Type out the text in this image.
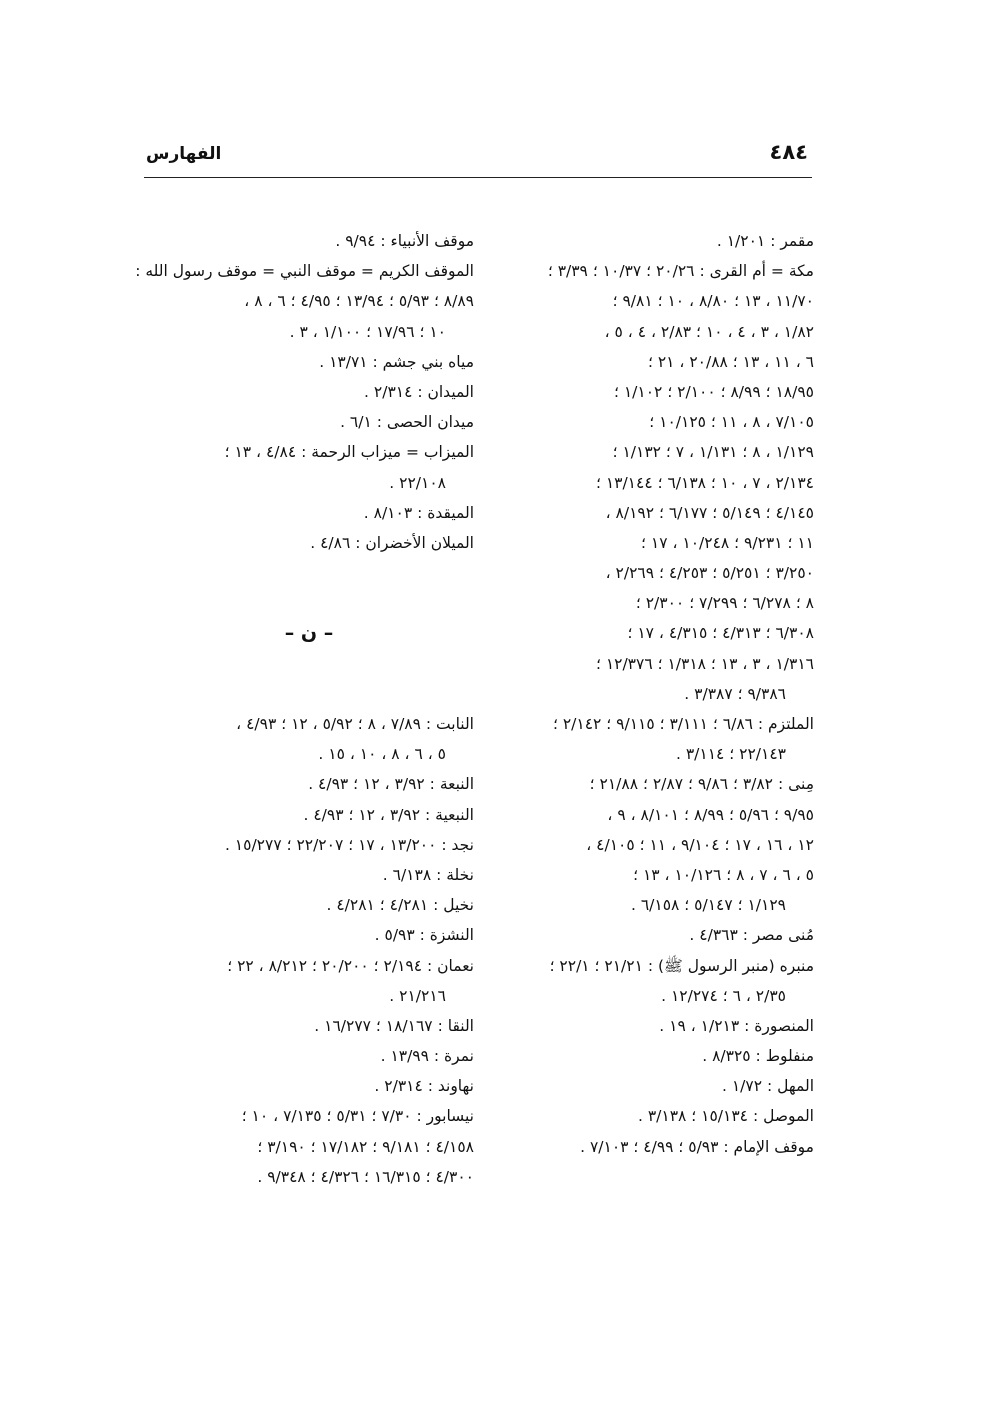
الفهارس	٤٨٤
مقمر : ١/٢٠١ .
مكة = أم القرى : ٢٠/٢٦ ؛ ١٠/٣٧ ؛ ٣/٣٩ ؛
١١/٧٠ ، ١٣ ؛ ٨/٨٠ ، ١٠ ؛ ٩/٨١ ؛
١/٨٢ ، ٣ ، ٤ ، ١٠ ؛ ٢/٨٣ ، ٤ ، ٥ ،
٦ ، ١١ ، ١٣ ؛ ٢٠/٨٨ ، ٢١ ؛
١٨/٩٥ ؛ ٨/٩٩ ؛ ٢/١٠٠ ؛ ١/١٠٢ ؛
٧/١٠٥ ، ٨ ، ١١ ؛ ١٠/١٢٥ ؛
١/١٢٩ ، ٨ ؛ ١/١٣١ ، ٧ ؛ ١/١٣٢ ؛
٢/١٣٤ ، ٧ ، ١٠ ؛ ٦/١٣٨ ؛ ١٣/١٤٤ ؛
٤/١٤٥ ؛ ٥/١٤٩ ؛ ٦/١٧٧ ؛ ٨/١٩٢ ،
١١ ؛ ٩/٢٣١ ؛ ١٠/٢٤٨ ، ١٧ ؛
٣/٢٥٠ ؛ ٥/٢٥١ ؛ ٤/٢٥٣ ؛ ٢/٢٦٩ ،
٨ ؛ ٦/٢٧٨ ؛ ٧/٢٩٩ ؛ ٢/٣٠٠ ؛
٦/٣٠٨ ؛ ٤/٣١٣ ؛ ٤/٣١٥ ، ١٧ ؛
١/٣١٦ ، ٣ ، ١٣ ؛ ١/٣١٨ ؛ ١٢/٣٧٦ ؛
٩/٣٨٦ ؛ ٣/٣٨٧ .
الملتزم : ٦/٨٦ ؛ ٣/١١١ ؛ ٩/١١٥ ؛ ٢/١٤٢ ؛
٢٢/١٤٣ ؛ ٣/١١٤ .
مِنى : ٣/٨٢ ؛ ٩/٨٦ ؛ ٢/٨٧ ؛ ٢١/٨٨ ؛
٩/٩٥ ؛ ٥/٩٦ ؛ ٨/٩٩ ؛ ٨/١٠١ ، ٩ ،
١٢ ، ١٦ ، ١٧ ؛ ٩/١٠٤ ، ١١ ؛ ٤/١٠٥ ،
٥ ، ٦ ، ٧ ، ٨ ؛ ١٠/١٢٦ ، ١٣ ؛
١/١٢٩ ؛ ٥/١٤٧ ؛ ٦/١٥٨ .
مُنى مصر : ٤/٣٦٣ .
منبره (منبر الرسول ﷺ) : ٢١/٢١ ؛ ٢٢/١ ؛
٢/٣٥ ، ٦ ؛ ١٢/٢٧٤ .
المنصورة : ١/٢١٣ ، ١٩ .
منفلوط : ٨/٣٢٥ .
المهل : ١/٧٢ .
الموصل : ١٥/١٣٤ ؛ ٣/١٣٨ .
موقف الإمام : ٥/٩٣ ؛ ٤/٩٩ ؛ ٧/١٠٣ .
موقف الأنبياء : ٩/٩٤ .
الموقف الكريم = موقف النبي = موقف رسول الله :
٨/٨٩ ؛ ٥/٩٣ ؛ ١٣/٩٤ ؛ ٤/٩٥ ؛ ٦ ، ٨ ،
١٠ ؛ ١٧/٩٦ ؛ ١/١٠٠ ، ٣ .
مياه بني جشم : ١٣/٧١ .
الميدان : ٢/٣١٤ .
ميدان الحصى : ٦/١ .
الميزاب = ميزاب الرحمة : ٤/٨٤ ، ١٣ ؛
٢٢/١٠٨ .
الميقدة : ٨/١٠٣ .
الميلان الأخضران : ٤/٨٦ .
– ن –
النابت : ٧/٨٩ ، ٨ ؛ ٥/٩٢ ، ١٢ ؛ ٤/٩٣ ،
٥ ، ٦ ، ٨ ، ١٠ ، ١٥ .
النبعة : ٣/٩٢ ، ١٢ ؛ ٤/٩٣ .
النبعية : ٣/٩٢ ، ١٢ ؛ ٤/٩٣ .
نجد : ١٣/٢٠٠ ، ١٧ ؛ ٢٢/٢٠٧ ؛ ١٥/٢٧٧ .
نخلة : ٦/١٣٨ .
نخيل : ٤/٢٨١ ؛ ٤/٢٨١ .
النشزة : ٥/٩٣ .
نعمان : ٢/١٩٤ ؛ ٢٠/٢٠٠ ؛ ٨/٢١٢ ، ٢٢ ؛
٢١/٢١٦ .
النقا : ١٨/١٦٧ ؛ ١٦/٢٧٧ .
نمرة : ١٣/٩٩ .
نهاوند : ٢/٣١٤ .
نيسابور : ٧/٣٠ ؛ ٥/٣١ ؛ ٧/١٣٥ ، ١٠ ؛
٤/١٥٨ ؛ ٩/١٨١ ؛ ١٧/١٨٢ ؛ ٣/١٩٠ ؛
٤/٣٠٠ ؛ ١٦/٣١٥ ؛ ٤/٣٢٦ ؛ ٩/٣٤٨ .
